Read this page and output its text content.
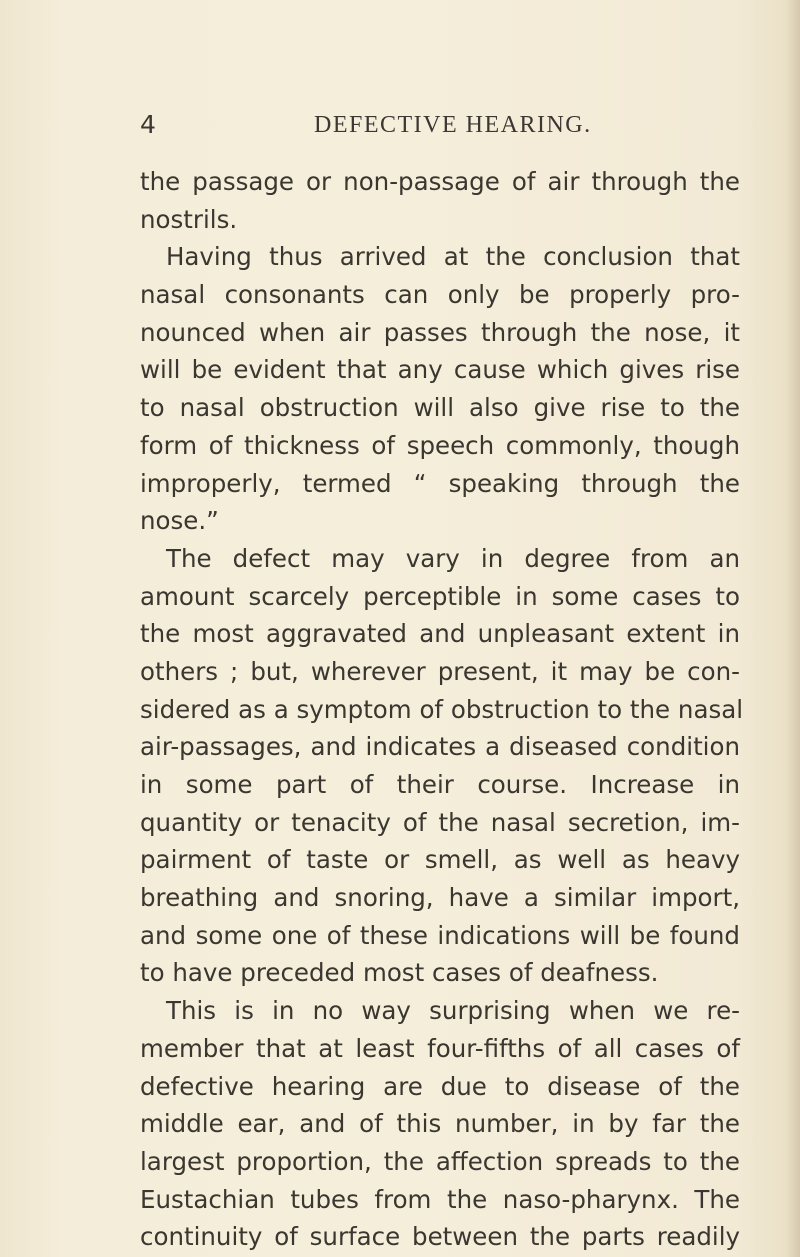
4	DEFECTIVE HEARING.
the passage or non-passage of air through the
nostrils.
Having thus arrived at the conclusion that
nasal consonants can only be properly pro-
nounced when air passes through the nose, it
will be evident that any cause which gives rise
to nasal obstruction will also give rise to the
form of thickness of speech commonly, though
improperly, termed “ speaking through the
nose.”
The defect may vary in degree from an
amount scarcely perceptible in some cases to
the most aggravated and unpleasant extent in
others ; but, wherever present, it may be con-
sidered as a symptom of obstruction to the nasal
air-passages, and indicates a diseased condition
in some part of their course. Increase in
quantity or tenacity of the nasal secretion, im-
pairment of taste or smell, as well as heavy
breathing and snoring, have a similar import,
and some one of these indications will be found
to have preceded most cases of deafness.
This is in no way surprising when we re-
member that at least four-fifths of all cases of
defective hearing are due to disease of the
middle ear, and of this number, in by far the
largest proportion, the affection spreads to the
Eustachian tubes from the naso-pharynx. The
continuity of surface between the parts readily
